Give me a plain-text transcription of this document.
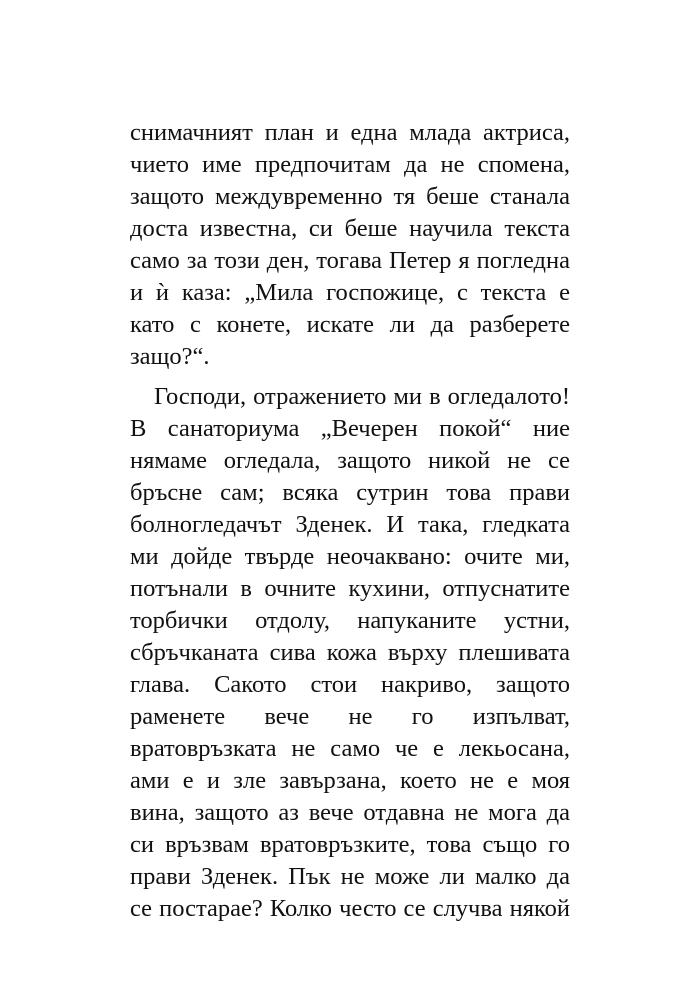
снимачният план и една млада актриса,
чието име предпочитам да не спомена,
защото междувременно тя беше станала
доста известна, си беше научила текста
само за този ден, тогава Петер я погледна
и ѝ каза: „Мила госпожице, с текста е
като с конете, искате ли да разберете
защо?“.
Господи, отражението ми в огледалото!
В санаториума „Вечерен покой“ ние
нямаме огледала, защото никой не се
бръсне сам; всяка сутрин това прави
болногледачът Зденек. И така, гледката
ми дойде твърде неочаквано: очите ми,
потънали в очните кухини, отпуснатите
торбички отдолу, напуканите устни,
сбръчканата сива кожа върху плешивата
глава. Сакото стои накриво, защото
раменете вече не го изпълват,
вратовръзката не само че е лекьосана,
ами е и зле завързана, което не е моя
вина, защото аз вече отдавна не мога да
си връзвам вратовръзките, това също го
прави Зденек. Пък не може ли малко да
се постарае? Колко често се случва някой
